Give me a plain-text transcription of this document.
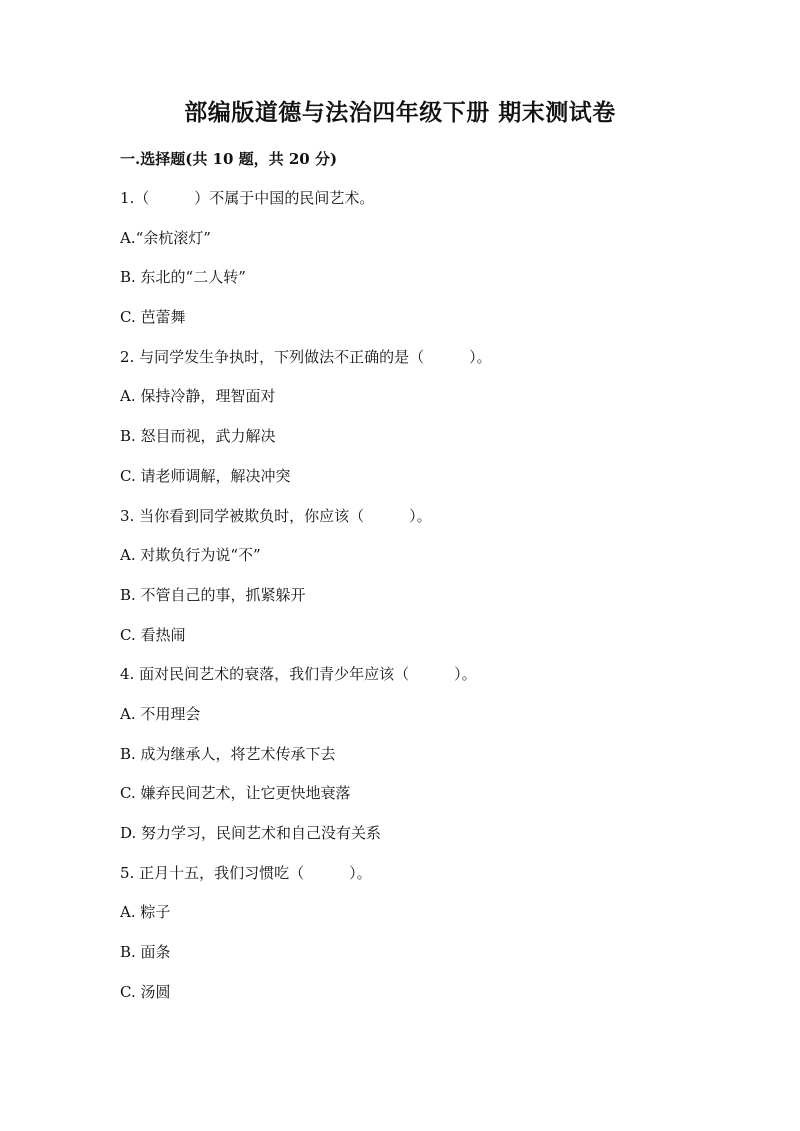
部编版道德与法治四年级下册 期末测试卷
一.选择题(共 10 题，共 20 分)
1.（　　　）不属于中国的民间艺术。
A.“余杭滚灯”
B. 东北的“二人转”
C. 芭蕾舞
2. 与同学发生争执时，下列做法不正确的是（　　　）。
A. 保持冷静，理智面对
B. 怒目而视，武力解决
C. 请老师调解，解决冲突
3. 当你看到同学被欺负时，你应该（　　　）。
A. 对欺负行为说“不”
B. 不管自己的事，抓紧躲开
C. 看热闹
4. 面对民间艺术的衰落，我们青少年应该（　　　）。
A. 不用理会
B. 成为继承人，将艺术传承下去
C. 嫌弃民间艺术，让它更快地衰落
D. 努力学习，民间艺术和自己没有关系
5. 正月十五，我们习惯吃（　　　）。
A. 粽子
B. 面条
C. 汤圆
